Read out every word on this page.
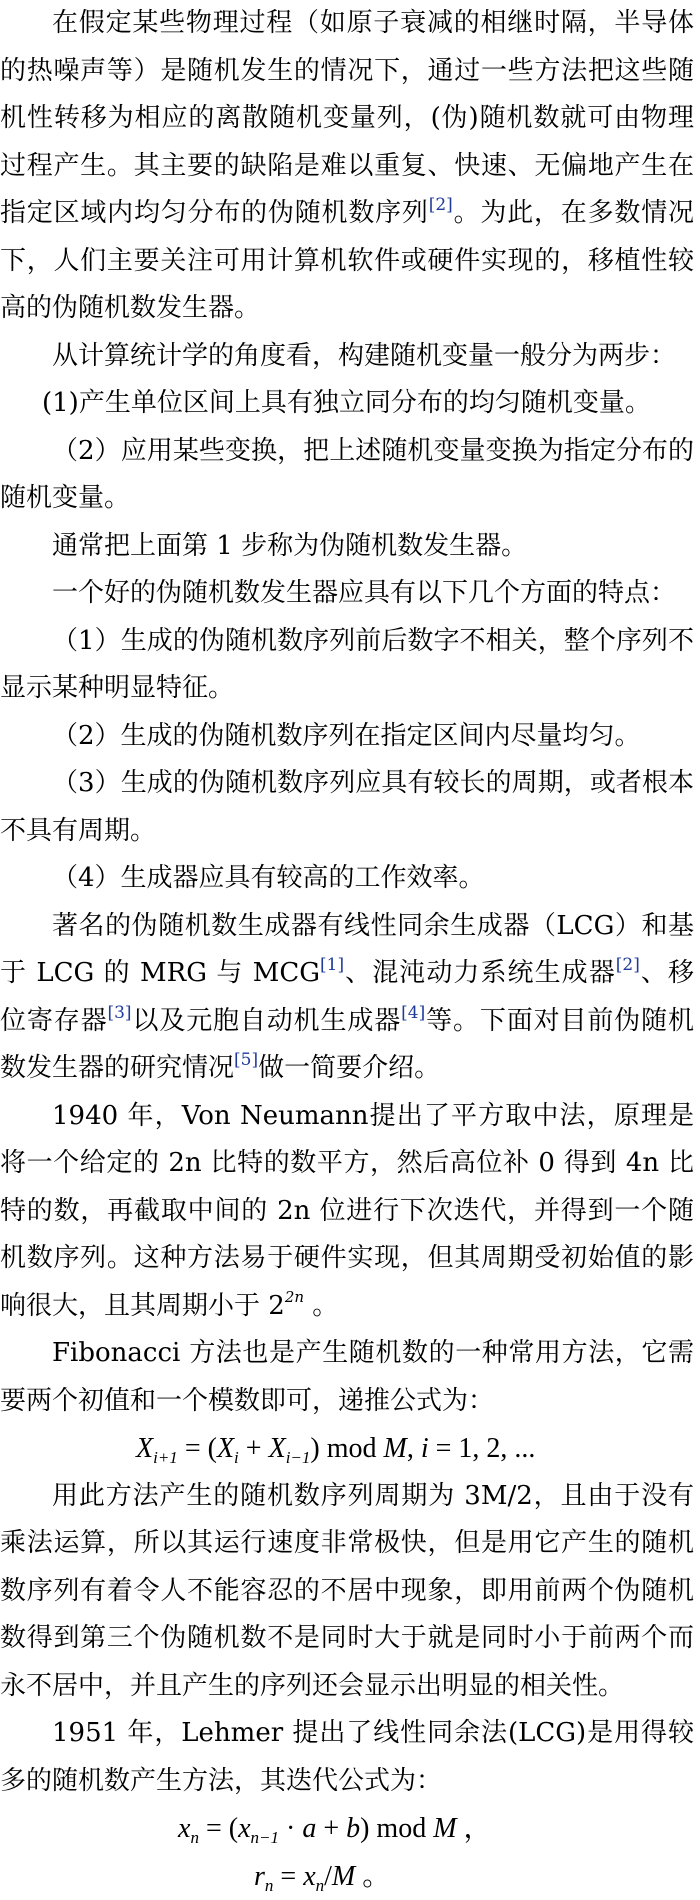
在假定某些物理过程（如原子衰减的相继时隔，半导体的热噪声等）是随机发生的情况下，通过一些方法把这些随机性转移为相应的离散随机变量列，(伪)随机数就可由物理过程产生。其主要的缺陷是难以重复、快速、无偏地产生在指定区域内均匀分布的伪随机数序列[2]。为此，在多数情况下，人们主要关注可用计算机软件或硬件实现的，移植性较高的伪随机数发生器。

从计算统计学的角度看，构建随机变量一般分为两步：

(1)产生单位区间上具有独立同分布的均匀随机变量。

（2）应用某些变换，把上述随机变量变换为指定分布的随机变量。

通常把上面第 1 步称为伪随机数发生器。

一个好的伪随机数发生器应具有以下几个方面的特点：

（1）生成的伪随机数序列前后数字不相关，整个序列不显示某种明显特征。

（2）生成的伪随机数序列在指定区间内尽量均匀。

（3）生成的伪随机数序列应具有较长的周期，或者根本不具有周期。

（4）生成器应具有较高的工作效率。

著名的伪随机数生成器有线性同余生成器（LCG）和基于 LCG 的 MRG 与 MCG[1]、混沌动力系统生成器[2]、移位寄存器[3]以及元胞自动机生成器[4]等。下面对目前伪随机数发生器的研究情况[5]做一简要介绍。

1940 年，Von Neumann提出了平方取中法，原理是将一个给定的 2n 比特的数平方，然后高位补 0 得到 4n 比特的数，再截取中间的 2n 位进行下次迭代，并得到一个随机数序列。这种方法易于硬件实现，但其周期受初始值的影响很大，且其周期小于 $2^{2n}$ 。

Fibonacci 方法也是产生随机数的一种常用方法，它需要两个初值和一个模数即可，递推公式为：

$X_{i+1} = (X_i + X_{i-1})$ mod M, i = 1, 2, ...

用此方法产生的随机数序列周期为 3M/2，且由于没有乘法运算，所以其运行速度非常极快，但是用它产生的随机数序列有着令人不能容忍的不居中现象，即用前两个伪随机数得到第三个伪随机数不是同时大于就是同时小于前两个而永不居中，并且产生的序列还会显示出明显的相关性。

1951 年，Lehmer 提出了线性同余法(LCG)是用得较多的随机数产生方法，其迭代公式为：

$x_n = (x_{n-1} \cdot a + b)$ mod M ，

$r_n = x_n/M$ 。
